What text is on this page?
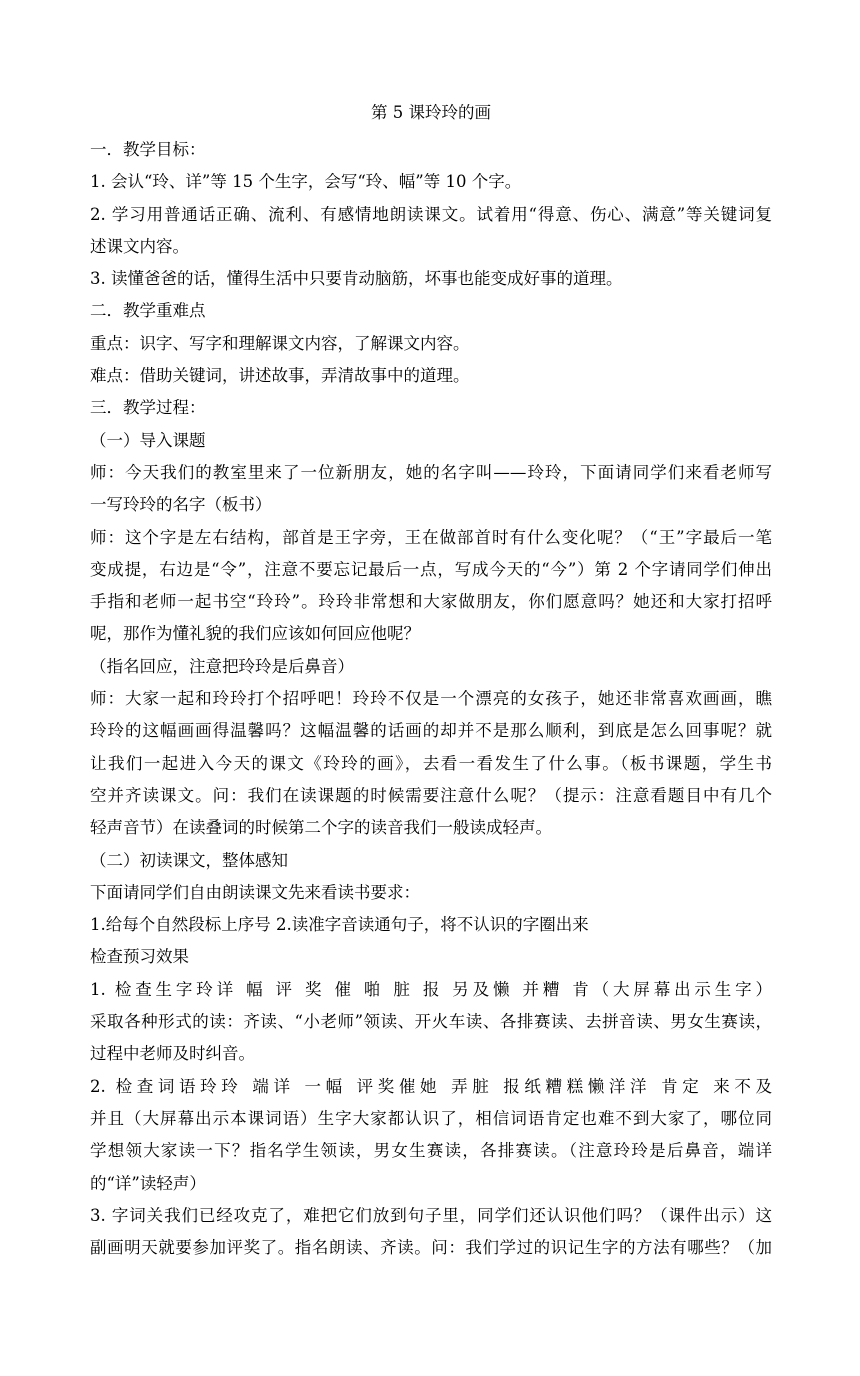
第 5 课玲玲的画
一．教学目标：
1. 会认“玲、详”等 15 个生字，会写“玲、幅”等 10 个字。
2. 学习用普通话正确、流利、有感情地朗读课文。试着用“得意、伤心、满意”等关键词复
述课文内容。
3. 读懂爸爸的话，懂得生活中只要肯动脑筋，坏事也能变成好事的道理。
二．教学重难点
重点：识字、写字和理解课文内容，了解课文内容。
难点：借助关键词，讲述故事，弄清故事中的道理。
三．教学过程：
（一）导入课题
师：今天我们的教室里来了一位新朋友，她的名字叫——玲玲，下面请同学们来看老师写
一写玲玲的名字（板书）
师：这个字是左右结构，部首是王字旁，王在做部首时有什么变化呢？（“王”字最后一笔
变成提，右边是“令”，注意不要忘记最后一点，写成今天的“今”）第 2 个字请同学们伸出
手指和老师一起书空“玲玲”。玲玲非常想和大家做朋友，你们愿意吗？她还和大家打招呼
呢，那作为懂礼貌的我们应该如何回应他呢？
（指名回应，注意把玲玲是后鼻音）
师：大家一起和玲玲打个招呼吧！玲玲不仅是一个漂亮的女孩子，她还非常喜欢画画，瞧
玲玲的这幅画画得温馨吗？这幅温馨的话画的却并不是那么顺利，到底是怎么回事呢？就
让我们一起进入今天的课文《玲玲的画》，去看一看发生了什么事。（板书课题，学生书
空并齐读课文。问：我们在读课题的时候需要注意什么呢？（提示：注意看题目中有几个
轻声音节）在读叠词的时候第二个字的读音我们一般读成轻声。
（二）初读课文，整体感知
下面请同学们自由朗读课文先来看读书要求：
1.给每个自然段标上序号 2.读准字音读通句子，将不认识的字圈出来
检查预习效果
1. 检查生字玲详 幅 评 奖 催 啪 脏 报 另及懒 并糟 肯（大屏幕出示生字）
采取各种形式的读：齐读、“小老师”领读、开火车读、各排赛读、去拼音读、男女生赛读，
过程中老师及时纠音。
2. 检查词语玲玲 端详 一幅 评奖催她 弄脏 报纸糟糕懒洋洋 肯定 来不及
并且（大屏幕出示本课词语）生字大家都认识了，相信词语肯定也难不到大家了，哪位同
学想领大家读一下？指名学生领读，男女生赛读，各排赛读。（注意玲玲是后鼻音，端详
的“详”读轻声）
3. 字词关我们已经攻克了，难把它们放到句子里，同学们还认识他们吗？（课件出示）这
副画明天就要参加评奖了。指名朗读、齐读。问：我们学过的识记生字的方法有哪些？（加
